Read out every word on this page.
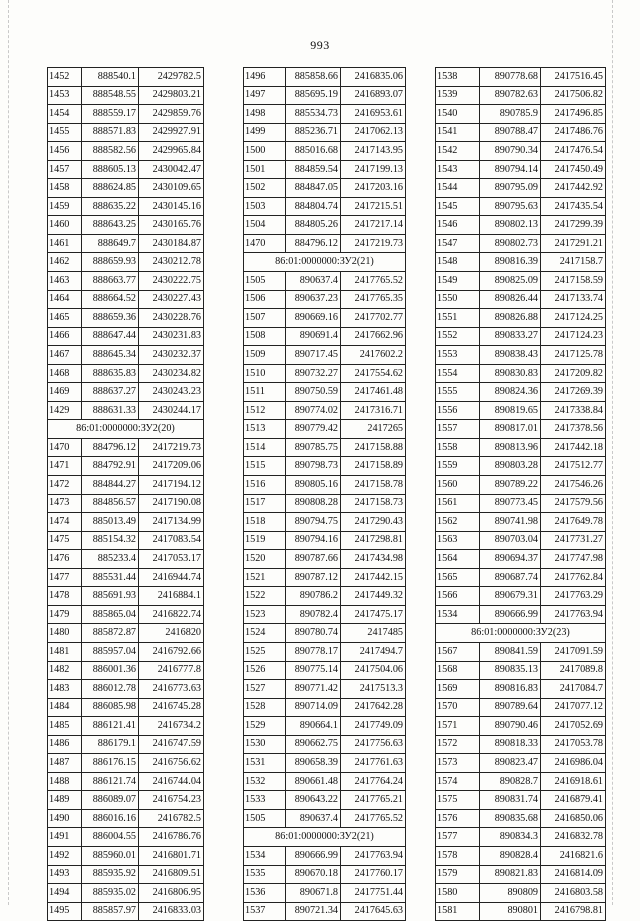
993
1452	888540.1	2429782.5
1453	888548.55	2429803.21
1454	888559.17	2429859.76
1455	888571.83	2429927.91
1456	888582.56	2429965.84
1457	888605.13	2430042.47
1458	888624.85	2430109.65
1459	888635.22	2430145.16
1460	888643.25	2430165.76
1461	888649.7	2430184.87
1462	888659.93	2430212.78
1463	888663.77	2430222.75
1464	888664.52	2430227.43
1465	888659.36	2430228.76
1466	888647.44	2430231.83
1467	888645.34	2430232.37
1468	888635.83	2430234.82
1469	888637.27	2430243.23
1429	888631.33	2430244.17
86:01:0000000:ЗУ2(20)		
1470	884796.12	2417219.73
1471	884792.91	2417209.06
1472	884844.27	2417194.12
1473	884856.57	2417190.08
1474	885013.49	2417134.99
1475	885154.32	2417083.54
1476	885233.4	2417053.17
1477	885531.44	2416944.74
1478	885691.93	2416884.1
1479	885865.04	2416822.74
1480	885872.87	2416820
1481	885957.04	2416792.66
1482	886001.36	2416777.8
1483	886012.78	2416773.63
1484	886085.98	2416745.28
1485	886121.41	2416734.2
1486	886179.1	2416747.59
1487	886176.15	2416756.62
1488	886121.74	2416744.04
1489	886089.07	2416754.23
1490	886016.16	2416782.5
1491	886004.55	2416786.76
1492	885960.01	2416801.71
1493	885935.92	2416809.51
1494	885935.02	2416806.95
1495	885857.97	2416833.03
1496	885858.66	2416835.06
1497	885695.19	2416893.07
1498	885534.73	2416953.61
1499	885236.71	2417062.13
1500	885016.68	2417143.95
1501	884859.54	2417199.13
1502	884847.05	2417203.16
1503	884804.74	2417215.51
1504	884805.26	2417217.14
1470	884796.12	2417219.73
86:01:0000000:ЗУ2(21)		
1505	890637.4	2417765.52
1506	890637.23	2417765.35
1507	890669.16	2417702.77
1508	890691.4	2417662.96
1509	890717.45	2417602.2
1510	890732.27	2417554.62
1511	890750.59	2417461.48
1512	890774.02	2417316.71
1513	890779.42	2417265
1514	890785.75	2417158.88
1515	890798.73	2417158.89
1516	890805.16	2417158.78
1517	890808.28	2417158.73
1518	890794.75	2417290.43
1519	890794.16	2417298.81
1520	890787.66	2417434.98
1521	890787.12	2417442.15
1522	890786.2	2417449.32
1523	890782.4	2417475.17
1524	890780.74	2417485
1525	890778.17	2417494.7
1526	890775.14	2417504.06
1527	890771.42	2417513.3
1528	890714.09	2417642.28
1529	890664.1	2417749.09
1530	890662.75	2417756.63
1531	890658.39	2417761.63
1532	890661.48	2417764.24
1533	890643.22	2417765.21
1505	890637.4	2417765.52
86:01:0000000:ЗУ2(21)		
1534	890666.99	2417763.94
1535	890670.18	2417760.17
1536	890671.8	2417751.44
1537	890721.34	2417645.63
1538	890778.68	2417516.45
1539	890782.63	2417506.82
1540	890785.9	2417496.85
1541	890788.47	2417486.76
1542	890790.34	2417476.54
1543	890794.14	2417450.49
1544	890795.09	2417442.92
1545	890795.63	2417435.54
1546	890802.13	2417299.39
1547	890802.73	2417291.21
1548	890816.39	2417158.7
1549	890825.09	2417158.59
1550	890826.44	2417133.74
1551	890826.88	2417124.25
1552	890833.27	2417124.23
1553	890838.43	2417125.78
1554	890830.83	2417209.82
1555	890824.36	2417269.39
1556	890819.65	2417338.84
1557	890817.01	2417378.56
1558	890813.96	2417442.18
1559	890803.28	2417512.77
1560	890789.22	2417546.26
1561	890773.45	2417579.56
1562	890741.98	2417649.78
1563	890703.04	2417731.27
1564	890694.37	2417747.98
1565	890687.74	2417762.84
1566	890679.31	2417763.29
1534	890666.99	2417763.94
86:01:0000000:ЗУ2(23)		
1567	890841.59	2417091.59
1568	890835.13	2417089.8
1569	890816.83	2417084.7
1570	890789.64	2417077.12
1571	890790.46	2417052.69
1572	890818.33	2417053.78
1573	890823.47	2416986.04
1574	890828.7	2416918.61
1575	890831.74	2416879.41
1576	890835.68	2416850.06
1577	890834.3	2416832.78
1578	890828.4	2416821.6
1579	890821.83	2416814.09
1580	890809	2416803.58
1581	890801	2416798.81
